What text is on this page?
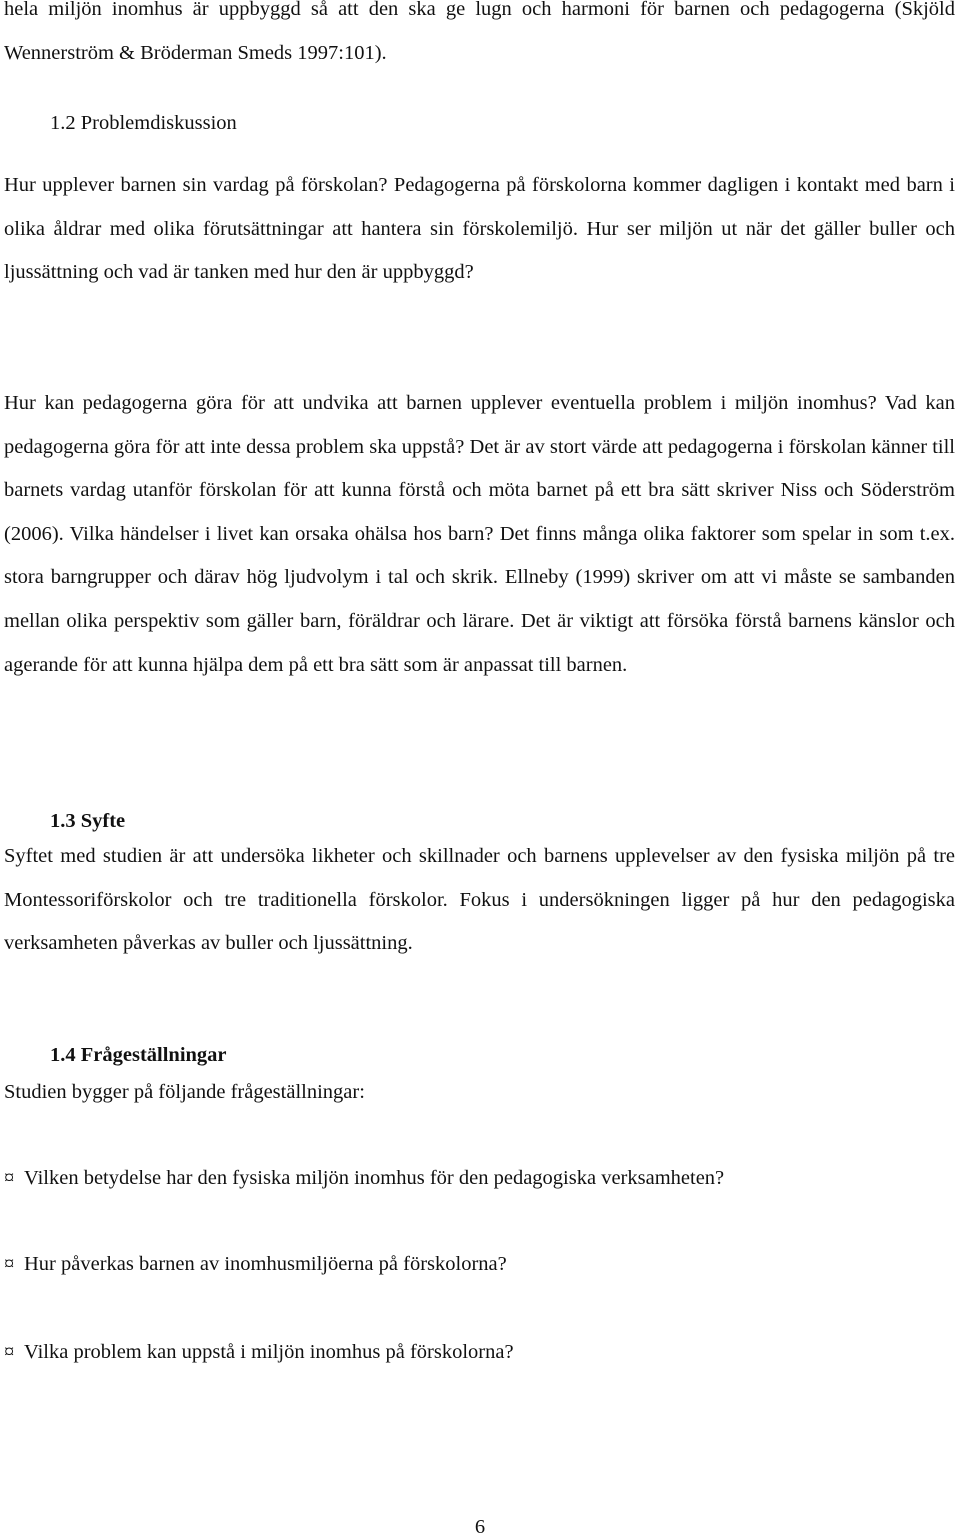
hela miljön inomhus är uppbyggd så att den ska ge lugn och harmoni för barnen och pedagogerna (Skjöld Wennerström & Bröderman Smeds 1997:101).

1.2 Problemdiskussion

Hur upplever barnen sin vardag på förskolan? Pedagogerna på förskolorna kommer dagligen i kontakt med barn i olika åldrar med olika förutsättningar att hantera sin förskolemiljö. Hur ser miljön ut när det gäller buller och ljussättning och vad är tanken med hur den är uppbyggd?

Hur kan pedagogerna göra för att undvika att barnen upplever eventuella problem i miljön inomhus? Vad kan pedagogerna göra för att inte dessa problem ska uppstå? Det är av stort värde att pedagogerna i förskolan känner till barnets vardag utanför förskolan för att kunna förstå och möta barnet på ett bra sätt skriver Niss och Söderström (2006). Vilka händelser i livet kan orsaka ohälsa hos barn? Det finns många olika faktorer som spelar in som t.ex. stora barngrupper och därav hög ljudvolym i tal och skrik. Ellneby (1999) skriver om att vi måste se sambanden mellan olika perspektiv som gäller barn, föräldrar och lärare. Det är viktigt att försöka förstå barnens känslor och agerande för att kunna hjälpa dem på ett bra sätt som är anpassat till barnen.

1.3 Syfte

Syftet med studien är att undersöka likheter och skillnader och barnens upplevelser av den fysiska miljön på tre Montessoriförskolor och tre traditionella förskolor. Fokus i undersökningen ligger på hur den pedagogiska verksamheten påverkas av buller och ljussättning.

1.4 Frågeställningar

Studien bygger på följande frågeställningar:

¤ Vilken betydelse har den fysiska miljön inomhus för den pedagogiska verksamheten?
¤ Hur påverkas barnen av inomhusmiljöerna på förskolorna?
¤ Vilka problem kan uppstå i miljön inomhus på förskolorna?
6
